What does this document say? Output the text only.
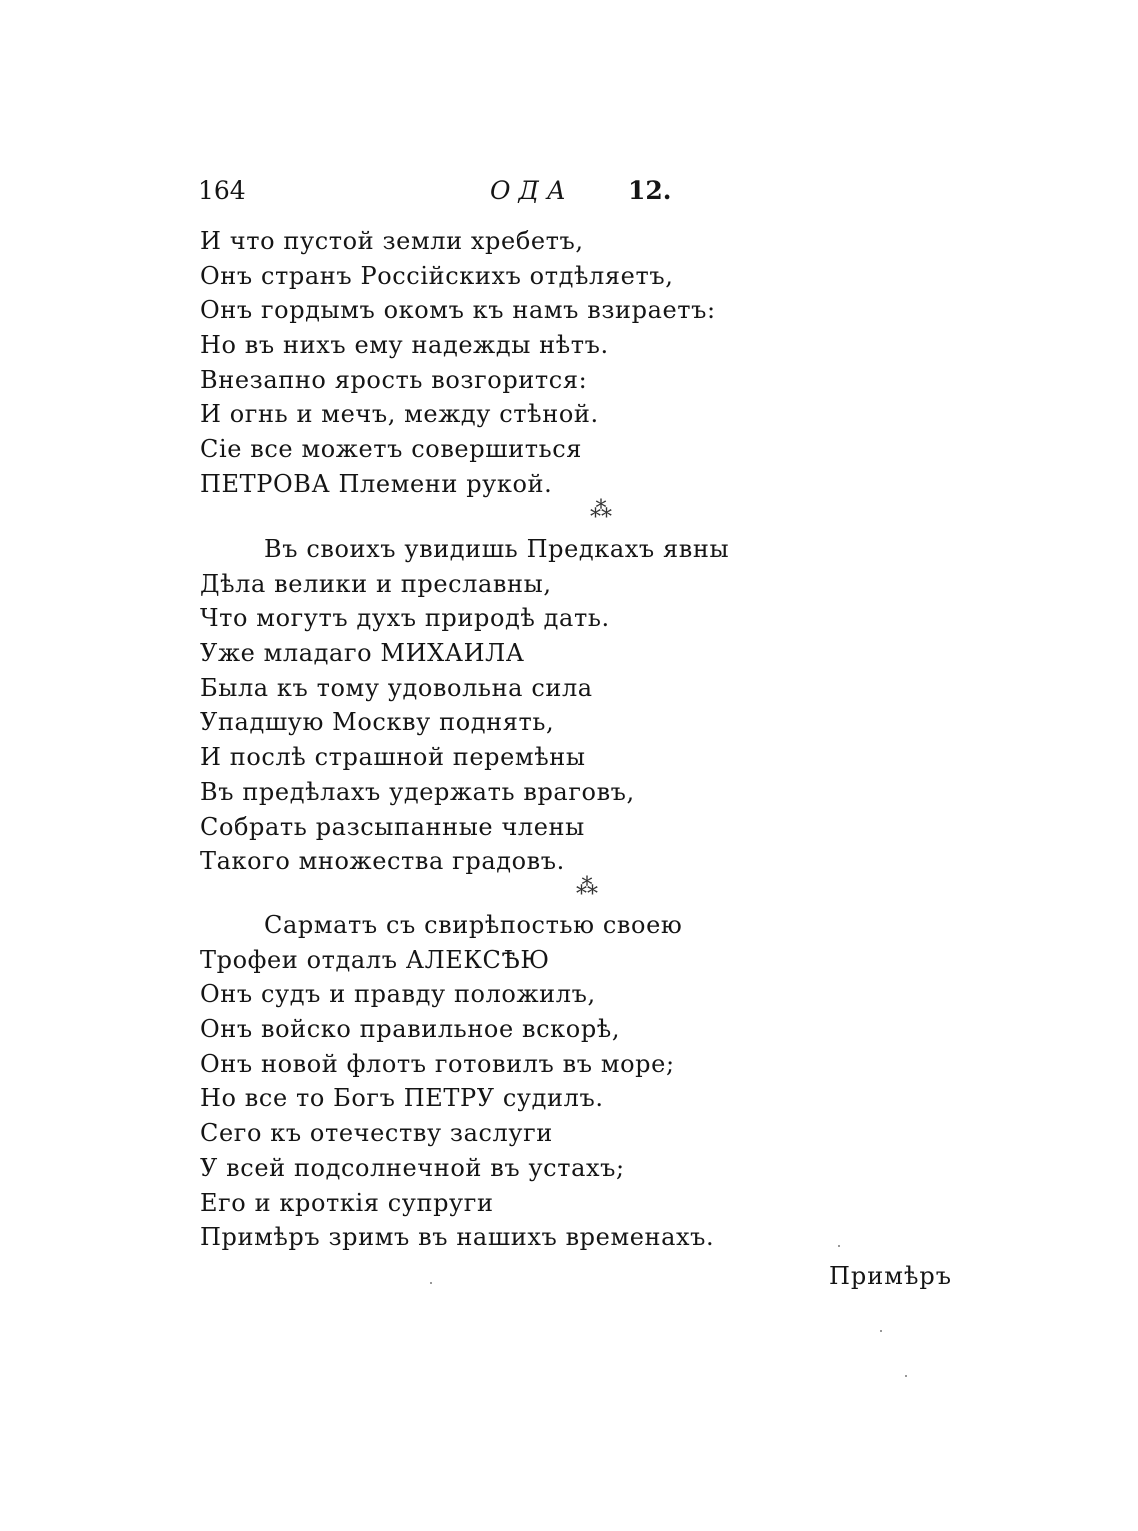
164	ОДА 12.
И что пустой земли хребетъ,
Онъ странъ Россійскихъ отдѣляетъ,
Онъ гордымъ окомъ къ намъ взираетъ:
Но въ нихъ ему надежды нѣтъ.
Внезапно ярость возгорится:
И огнь и мечъ, между стѣной.
Сіе все можетъ совершиться
ПЕТРОВА Племени рукой.
⁂
Въ своихъ увидишь Предкахъ явны
Дѣла велики и преславны,
Что могутъ духъ природѣ дать.
Уже младаго МИХАИЛА
Была къ тому удовольна сила
Упадшую Москву поднять,
И послѣ страшной перемѣны
Въ предѣлахъ удержать враговъ,
Собрать разсыпанные члены
Такого множества градовъ.
⁂
Сарматъ съ свирѣпостью своею
Трофеи отдалъ АЛЕКСѢЮ
Онъ судъ и правду положилъ,
Онъ войско правильное вскорѣ,
Онъ новой флотъ готовилъ въ море;
Но все то Богъ ПЕТРУ судилъ.
Сего къ отечеству заслуги
У всей подсолнечной въ устахъ;
Его и кроткія супруги
Примѣръ зримъ въ нашихъ временахъ.
Примѣръ
